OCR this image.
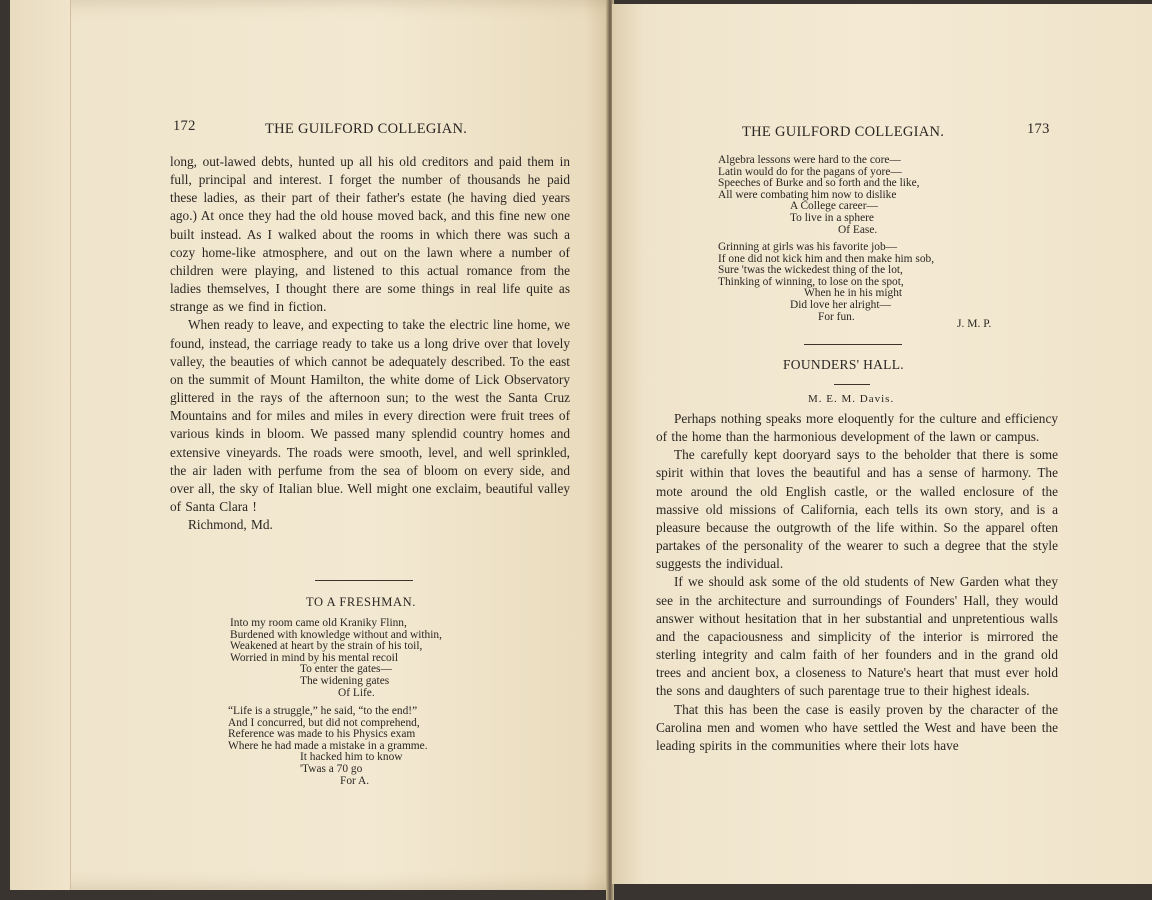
172	THE GUILFORD COLLEGIAN.

long, out-lawed debts, hunted up all his old creditors and paid them in full, principal and interest. I forget the number of thousands he paid these ladies, as their part of their father's estate (he having died years ago.) At once they had the old house moved back, and this fine new one built instead. As I walked about the rooms in which there was such a cozy home-like atmosphere, and out on the lawn where a number of children were playing, and listened to this actual romance from the ladies themselves, I thought there are some things in real life quite as strange as we find in fiction.

When ready to leave, and expecting to take the electric line home, we found, instead, the carriage ready to take us a long drive over that lovely valley, the beauties of which cannot be adequately described. To the east on the summit of Mount Hamilton, the white dome of Lick Observatory glittered in the rays of the afternoon sun; to the west the Santa Cruz Mountains and for miles and miles in every direction were fruit trees of various kinds in bloom. We passed many splendid country homes and extensive vineyards. The roads were smooth, level, and well sprinkled, the air laden with perfume from the sea of bloom on every side, and over all, the sky of Italian blue. Well might one exclaim, beautiful valley of Santa Clara !

Richmond, Md.

TO A FRESHMAN.
Into my room came old Kraniky Flinn,
Burdened with knowledge without and within,
Weakened at heart by the strain of his toil,
Worried in mind by his mental recoil
To enter the gates—
The widening gates
Of Life.
“Life is a struggle,” he said, “to the end!”
And I concurred, but did not comprehend,
Reference was made to his Physics exam
Where he had made a mistake in a gramme.
It hacked him to know
'Twas a 70 go
For A.
THE GUILFORD COLLEGIAN.	173
Algebra lessons were hard to the core—
Latin would do for the pagans of yore—
Speeches of Burke and so forth and the like,
All were combating him now to dislike
A College career—
To live in a sphere
Of Ease.
Grinning at girls was his favorite job—
If one did not kick him and then make him sob,
Sure 'twas the wickedest thing of the lot,
Thinking of winning, to lose on the spot,
When he in his might
Did love her alright—
For fun.
J. M. P.
FOUNDERS' HALL.
M. E. M. Davis.

Perhaps nothing speaks more eloquently for the culture and efficiency of the home than the harmonious development of the lawn or campus.

The carefully kept dooryard says to the beholder that there is some spirit within that loves the beautiful and has a sense of harmony. The mote around the old English castle, or the walled enclosure of the massive old missions of California, each tells its own story, and is a pleasure because the outgrowth of the life within. So the apparel often partakes of the personality of the wearer to such a degree that the style suggests the individual.

If we should ask some of the old students of New Garden what they see in the architecture and surroundings of Founders' Hall, they would answer without hesitation that in her substantial and unpretentious walls and the capaciousness and simplicity of the interior is mirrored the sterling integrity and calm faith of her founders and in the grand old trees and ancient box, a closeness to Nature's heart that must ever hold the sons and daughters of such parentage true to their highest ideals.

That this has been the case is easily proven by the character of the Carolina men and women who have settled the West and have been the leading spirits in the communities where their lots have
